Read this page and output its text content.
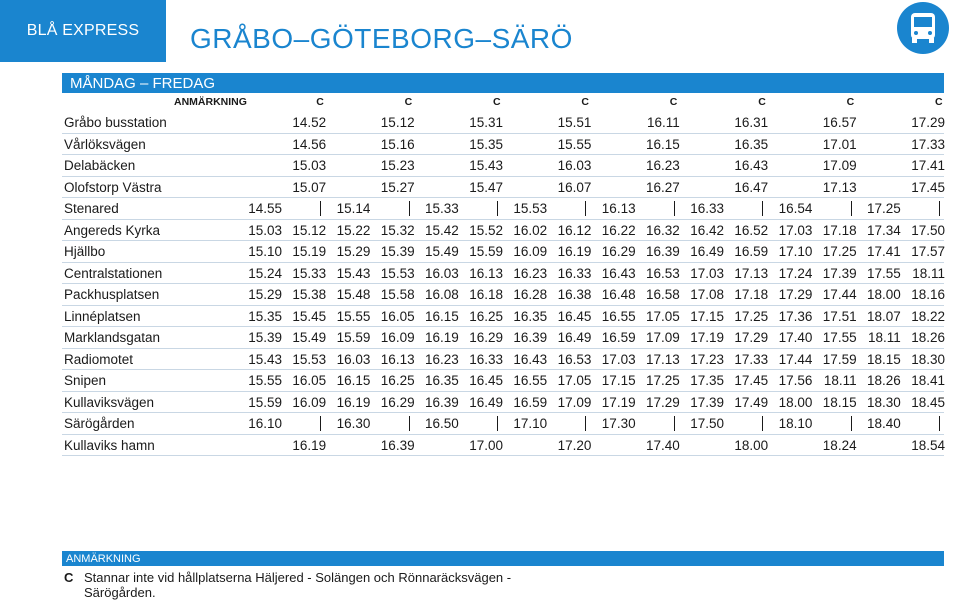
BLÅ EXPRESS GRÅBO–GÖTEBORG–SÄRÖ
MÅNDAG – FREDAG
ANMÄRKNING	C	C	C	C	C	C	C	C
Gråbo busstation	14.52	15.12	15.31	15.51	16.11	16.31	16.57	17.29
Vårlöksvägen	14.56	15.16	15.35	15.55	16.15	16.35	17.01	17.33
Delabäcken	15.03	15.23	15.43	16.03	16.23	16.43	17.09	17.41
Olofstorp Västra	15.07	15.27	15.47	16.07	16.27	16.47	17.13	17.45
Stenared	14.55	15.14	15.33	15.53	16.13	16.33	16.54	17.25
Angereds Kyrka	15.03 15.12 15.22 15.32 15.42 15.52 16.02 16.12 16.22 16.32 16.42 16.52 17.03 17.18 17.34 17.50
Hjällbo	15.10 15.19 15.29 15.39 15.49 15.59 16.09 16.19 16.29 16.39 16.49 16.59 17.10 17.25 17.41 17.57
Centralstationen	15.24 15.33 15.43 15.53 16.03 16.13 16.23 16.33 16.43 16.53 17.03 17.13 17.24 17.39 17.55 18.11
Packhusplatsen	15.29 15.38 15.48 15.58 16.08 16.18 16.28 16.38 16.48 16.58 17.08 17.18 17.29 17.44 18.00 18.16
Linnéplatsen	15.35 15.45 15.55 16.05 16.15 16.25 16.35 16.45 16.55 17.05 17.15 17.25 17.36 17.51 18.07 18.22
Marklandsgatan	15.39 15.49 15.59 16.09 16.19 16.29 16.39 16.49 16.59 17.09 17.19 17.29 17.40 17.55 18.11 18.26
Radiomotet	15.43 15.53 16.03 16.13 16.23 16.33 16.43 16.53 17.03 17.13 17.23 17.33 17.44 17.59 18.15 18.30
Snipen	15.55 16.05 16.15 16.25 16.35 16.45 16.55 17.05 17.15 17.25 17.35 17.45 17.56 18.11 18.26 18.41
Kullaviksvägen	15.59 16.09 16.19 16.29 16.39 16.49 16.59 17.09 17.19 17.29 17.39 17.49 18.00 18.15 18.30 18.45
Särögården	16.10	16.30	16.50	17.10	17.30	17.50	18.10	18.40
Kullaviks hamn	16.19	16.39	17.00	17.20	17.40	18.00	18.24	18.54
ANMÄRKNING
C Stannar inte vid hållplatserna Häljered - Solängen och Rönnaräcksvägen - Särögården.
